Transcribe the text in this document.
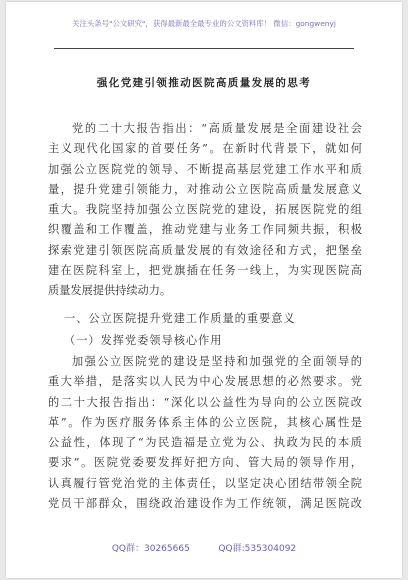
关注头条号"公文研究"，获得最新最全最专业的公文资料库！ 微信：gongwenyj
强化党建引领推动医院高质量发展的思考
党的二十大报告指出：“高质量发展是全面建设社会
主义现代化国家的首要任务”。在新时代背景下，就如何
加强公立医院党的领导、不断提高基层党建工作水平和质
量，提升党建引领能力，对推动公立医院高质量发展意义
重大。我院坚持加强公立医院党的建设，拓展医院党的组
织覆盖和工作覆盖，推动党建与业务工作同频共振，积极
探索党建引领医院高质量发展的有效途径和方式，把堡垒
建在医院科室上，把党旗插在任务一线上，为实现医院高
质量发展提供持续动力。
一、公立医院提升党建工作质量的重要意义
（一）发挥党委领导核心作用
加强公立医院党的建设是坚持和加强党的全面领导的
重大举措，是落实以人民为中心发展思想的必然要求。党
的二十大报告指出：“深化以公益性为导向的公立医院改
革”。作为医疗服务体系主体的公立医院，其核心属性是
公益性，体现了“为民造福是立党为公、执政为民的本质
要求”。医院党委要发挥好把方向、管大局的领导作用，
认真履行管党治党的主体责任，以坚定决心团结带领全院
党员干部群众，围绕政治建设作为工作统领，满足医院改
QQ群：30265665          QQ群:535304092
